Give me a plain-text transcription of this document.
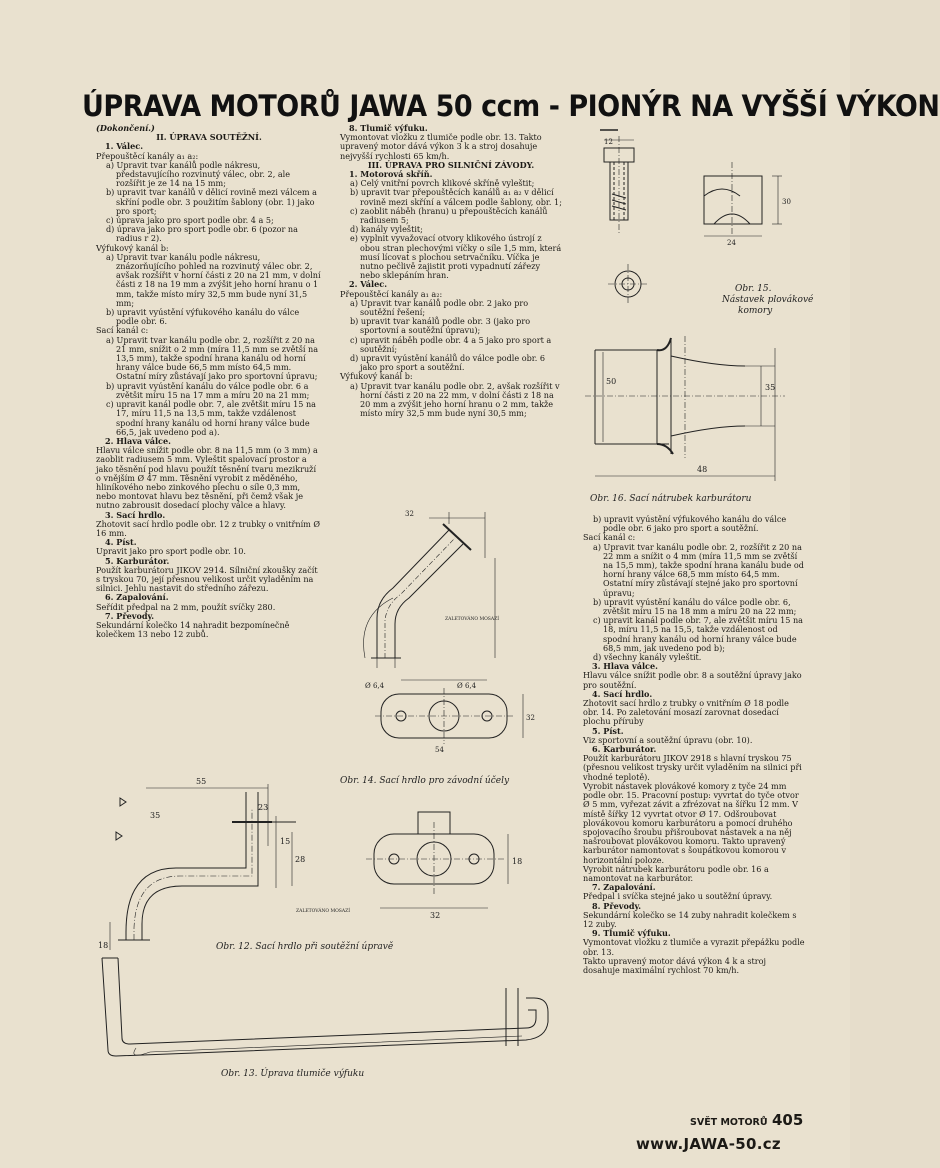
ÚPRAVA MOTORŮ JAWA 50 ccm - PIONÝR NA VYŠŠÍ VÝKON

(Dokončení.)

II. ÚPRAVA SOUTĚŽNÍ.

1. Válec.

Přepouštěcí kanály a₁ a₂:

a) Upravit tvar kanálů podle nákresu, představujícího rozvinutý válec, obr. 2, ale rozšířit je ze 14 na 15 mm;

b) upravit tvar kanálů v dělicí rovině mezi válcem a skříní podle obr. 3 použitím šablony (obr. 1) jako pro sport;

c) úprava jako pro sport podle obr. 4 a 5;

d) úprava jako pro sport podle obr. 6 (pozor na radius r 2).

Výfukový kanál b:

a) Upravit tvar kanálu podle nákresu, znázorňujícího pohled na rozvinutý válec obr. 2, avšak rozšířit v horní části z 20 na 21 mm, v dolní části z 18 na 19 mm a zvýšit jeho horní hranu o 1 mm, takže místo míry 32,5 mm bude nyní 31,5 mm;

b) upravit vyústění výfukového kanálu do válce podle obr. 6.

Sací kanál c:

a) Upravit tvar kanálu podle obr. 2, rozšířit z 20 na 21 mm, snížit o 2 mm (míra 11,5 mm se zvětší na 13,5 mm), takže spodní hrana kanálu od horní hrany válce bude 66,5 mm místo 64,5 mm. Ostatní míry zůstávají jako pro sportovní úpravu;

b) upravit vyústění kanálu do válce podle obr. 6 a zvětšit míru 15 na 17 mm a míru 20 na 21 mm;

c) upravit kanál podle obr. 7, ale zvětšit míru 15 na 17, míru 11,5 na 13,5 mm, takže vzdálenost spodní hrany kanálu od horní hrany válce bude 66,5, jak uvedeno pod a).

2. Hlava válce.

Hlavu válce snížit podle obr. 8 na 11,5 mm (o 3 mm) a zaoblit radiusem 5 mm. Vyleštit spalovací prostor a jako těsnění pod hlavu použít těsnění tvaru mezikruží o vnějším Ø 47 mm. Těsnění vyrobit z měděného, hliníkového nebo zinkového plechu o síle 0,3 mm, nebo montovat hlavu bez těsnění, při čemž však je nutno zabrousit dosedací plochy válce a hlavy.

3. Sací hrdlo.

Zhotovit sací hrdlo podle obr. 12 z trubky o vnitřním Ø 16 mm.

4. Píst.

Upravit jako pro sport podle obr. 10.

5. Karburátor.

Použít karburátoru JIKOV 2914. Sílniční zkoušky začít s tryskou 70, její přesnou velikost určit vyladěním na silnici. Jehlu nastavit do středního zářezu.

6. Zapalování.

Seřídit předpal na 2 mm, použít svíčky 280.

7. Převody.

Sekundární kolečko 14 nahradit bezpomínečně kolečkem 13 nebo 12 zubů.

8. Tlumič výfuku.

Vymontovat vložku z tlumiče podle obr. 13. Takto upravený motor dává výkon 3 k a stroj dosahuje nejvyšší rychlosti 65 km/h.

III. ÚPRAVA PRO SILNIČNÍ ZÁVODY.

1. Motorová skříň.

a) Celý vnitřní povrch klikové skříně vyleštit;

b) upravit tvar přepouštěcích kanálů a₁ a₂ v dělicí rovině mezi skříní a válcem podle šablony, obr. 1;

c) zaoblit náběh (hranu) u přepouštěcích kanálů radiusem 5;

d) kanály vyleštit;

e) vyplnit vyvažovací otvory klikového ústrojí z obou stran plechovými víčky o síle 1,5 mm, která musí lícovat s plochou setrvačníku. Víčka je nutno pečlivě zajistit proti vypadnutí zářezy nebo sklepáním hran.

2. Válec.

Přepouštěcí kanály a₁ a₂:

a) Upravit tvar kanálů podle obr. 2 jako pro soutěžní řešení;

b) upravit tvar kanálů podle obr. 3 (jako pro sportovní a soutěžní úpravu);

c) upravit náběh podle obr. 4 a 5 jako pro sport a soutěžní;

d) upravit vyústění kanálů do válce podle obr. 6 jako pro sport a soutěžní.

Výfukový kanál b:

a) Upravit tvar kanálu podle obr. 2, avšak rozšířit v horní části z 20 na 22 mm, v dolní části z 18 na 20 mm a zvýšit jeho horní hranu o 2 mm, takže místo míry 32,5 mm bude nyní 30,5 mm;

b) upravit vyústění výfukového kanálu do válce podle obr. 6 jako pro sport a soutěžní.

Sací kanál c:

a) Upravit tvar kanálu podle obr. 2, rozšířit z 20 na 22 mm a snížit o 4 mm (míra 11,5 mm se zvětší na 15,5 mm), takže spodní hrana kanálu bude od horní hrany válce 68,5 mm místo 64,5 mm. Ostatní míry zůstávají stejné jako pro sportovní úpravu;

b) upravit vyústění kanálu do válce podle obr. 6, zvětšit míru 15 na 18 mm a míru 20 na 22 mm;

c) upravit kanál podle obr. 7, ale zvětšit míru 15 na 18, míru 11,5 na 15,5, takže vzdálenost od spodní hrany kanálu od horní hrany válce bude 68,5 mm, jak uvedeno pod b);

d) všechny kanály vyleštit.

3. Hlava válce.

Hlavu válce snížit podle obr. 8 a soutěžní úpravy jako pro soutěžní.

4. Sací hrdlo.

Zhotovit sací hrdlo z trubky o vnitřním Ø 18 podle obr. 14. Po zaletování mosazí zarovnat dosedací plochu příruby

5. Píst.

Viz sportovní a soutěžní úpravu (obr. 10).

6. Karburátor.

Použít karburátoru JIKOV 2918 s hlavní tryskou 75 (přesnou velikost trysky určit vyladěním na silnici při vhodné teplotě).

Vyrobit nástavek plovákové komory z tyče 24 mm podle obr. 15. Pracovní postup: vyvrtat do tyče otvor Ø 5 mm, vyřezat závit a zfrézovat na šířku 12 mm. V místě šířky 12 vyvrtat otvor Ø 17. Odšroubovat plovákovou komoru karburátoru a pomocí druhého spojovacího šroubu přišroubovat nástavek a na něj našroubovat plovákovou komoru. Takto upravený karburátor namontovat s šoupátkovou komorou v horizontální poloze.

Vyrobit nátrubek karburátoru podle obr. 16 a namontovat na karburátor.

7. Zapalování.

Předpal i svíčka stejné jako u soutěžní úpravy.

8. Převody.

Sekundární kolečko se 14 zuby nahradit kolečkem s 12 zuby.

9. Tlumič výfuku.

Vymontovat vložku z tlumiče a vyrazit přepážku podle obr. 13.

Takto upravený motor dává výkon 4 k a stroj dosahuje maximální rychlost 70 km/h.

12
30
24
Obr. 15.
Nástavek plovákové
komory
50
35
48
Obr. 16. Sací nátrubek karburátoru
32
Ø 6,4
Ø 6,4
32
54
ZALETOVÁNO MOSAZÍ
Obr. 14. Sací hrdlo pro závodní účely
55
23
35
15
28
18
ZALETOVÁNO MOSAZÍ	32
18
Obr. 12. Sací hrdlo při soutěžní úpravě
Obr. 13. Úprava tlumiče výfuku
SVĚT MOTORŮ 405
www.JAWA-50.cz
